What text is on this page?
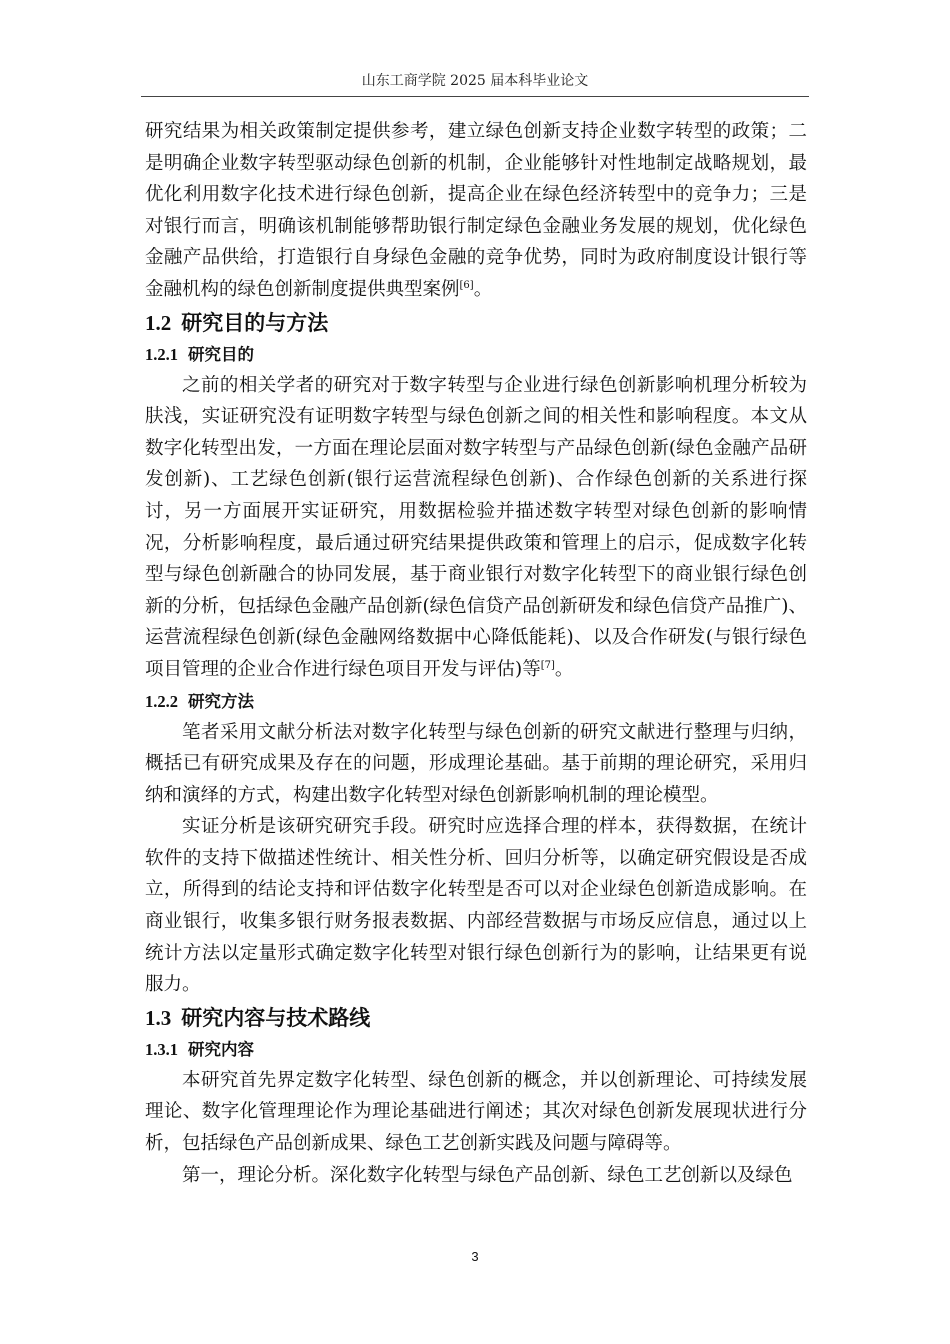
山东工商学院 2025 届本科毕业论文

研究结果为相关政策制定提供参考，建立绿色创新支持企业数字转型的政策；二是明确企业数字转型驱动绿色创新的机制，企业能够针对性地制定战略规划，最优化利用数字化技术进行绿色创新，提高企业在绿色经济转型中的竞争力；三是对银行而言，明确该机制能够帮助银行制定绿色金融业务发展的规划，优化绿色金融产品供给，打造银行自身绿色金融的竞争优势，同时为政府制度设计银行等金融机构的绿色创新制度提供典型案例[6]。

1.2 研究目的与方法
1.2.1 研究目的

之前的相关学者的研究对于数字转型与企业进行绿色创新影响机理分析较为肤浅，实证研究没有证明数字转型与绿色创新之间的相关性和影响程度。本文从数字化转型出发，一方面在理论层面对数字转型与产品绿色创新(绿色金融产品研发创新)、工艺绿色创新(银行运营流程绿色创新)、合作绿色创新的关系进行探讨，另一方面展开实证研究，用数据检验并描述数字转型对绿色创新的影响情况，分析影响程度，最后通过研究结果提供政策和管理上的启示，促成数字化转型与绿色创新融合的协同发展，基于商业银行对数字化转型下的商业银行绿色创新的分析，包括绿色金融产品创新(绿色信贷产品创新研发和绿色信贷产品推广)、运营流程绿色创新(绿色金融网络数据中心降低能耗)、以及合作研发(与银行绿色项目管理的企业合作进行绿色项目开发与评估)等[7]。

1.2.2 研究方法

笔者采用文献分析法对数字化转型与绿色创新的研究文献进行整理与归纳，概括已有研究成果及存在的问题，形成理论基础。基于前期的理论研究，采用归纳和演绎的方式，构建出数字化转型对绿色创新影响机制的理论模型。

实证分析是该研究研究手段。研究时应选择合理的样本，获得数据，在统计软件的支持下做描述性统计、相关性分析、回归分析等，以确定研究假设是否成立，所得到的结论支持和评估数字化转型是否可以对企业绿色创新造成影响。在商业银行，收集多银行财务报表数据、内部经营数据与市场反应信息，通过以上统计方法以定量形式确定数字化转型对银行绿色创新行为的影响，让结果更有说服力。

1.3 研究内容与技术路线
1.3.1 研究内容

本研究首先界定数字化转型、绿色创新的概念，并以创新理论、可持续发展理论、数字化管理理论作为理论基础进行阐述；其次对绿色创新发展现状进行分析，包括绿色产品创新成果、绿色工艺创新实践及问题与障碍等。

第一，理论分析。深化数字化转型与绿色产品创新、绿色工艺创新以及绿色

3
